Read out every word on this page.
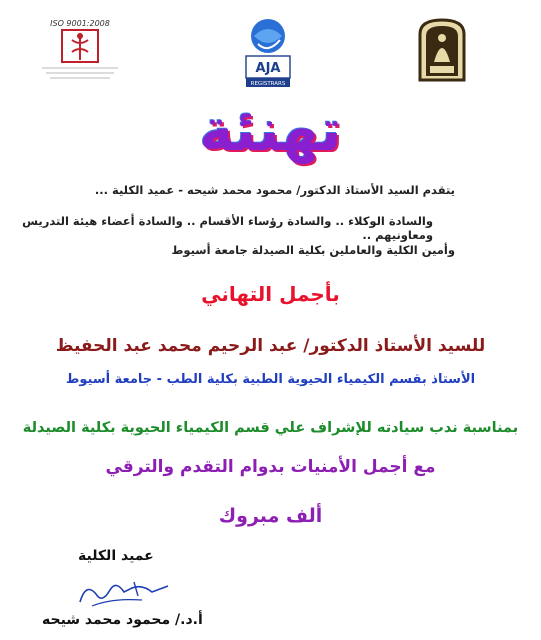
ISO 9001:2008
AJA
REGISTRARS
تهنئة
يتقدم السيد الأستاذ الدكتور/ محمود محمد شيحه - عميد الكلية ...
والسادة الوكلاء .. والسادة رؤساء الأقسام .. والسادة أعضاء هيئة التدريس ومعاونيهم ..
وأمين الكلية والعاملين بكلية الصيدلة جامعة أسيوط
بأجمل التهاني
للسيد الأستاذ الدكتور/ عبد الرحيم محمد عبد الحفيظ
الأستاذ بقسم الكيمياء الحيوية الطبية بكلية الطب - جامعة أسيوط
بمناسبة ندب سيادته للإشراف علي قسم الكيمياء الحيوية بكلية الصيدلة
مع أجمل الأمنيات بدوام التقدم والترقي
ألف مبروك
عميد الكلية
أ.د./ محمود محمد شيحه
